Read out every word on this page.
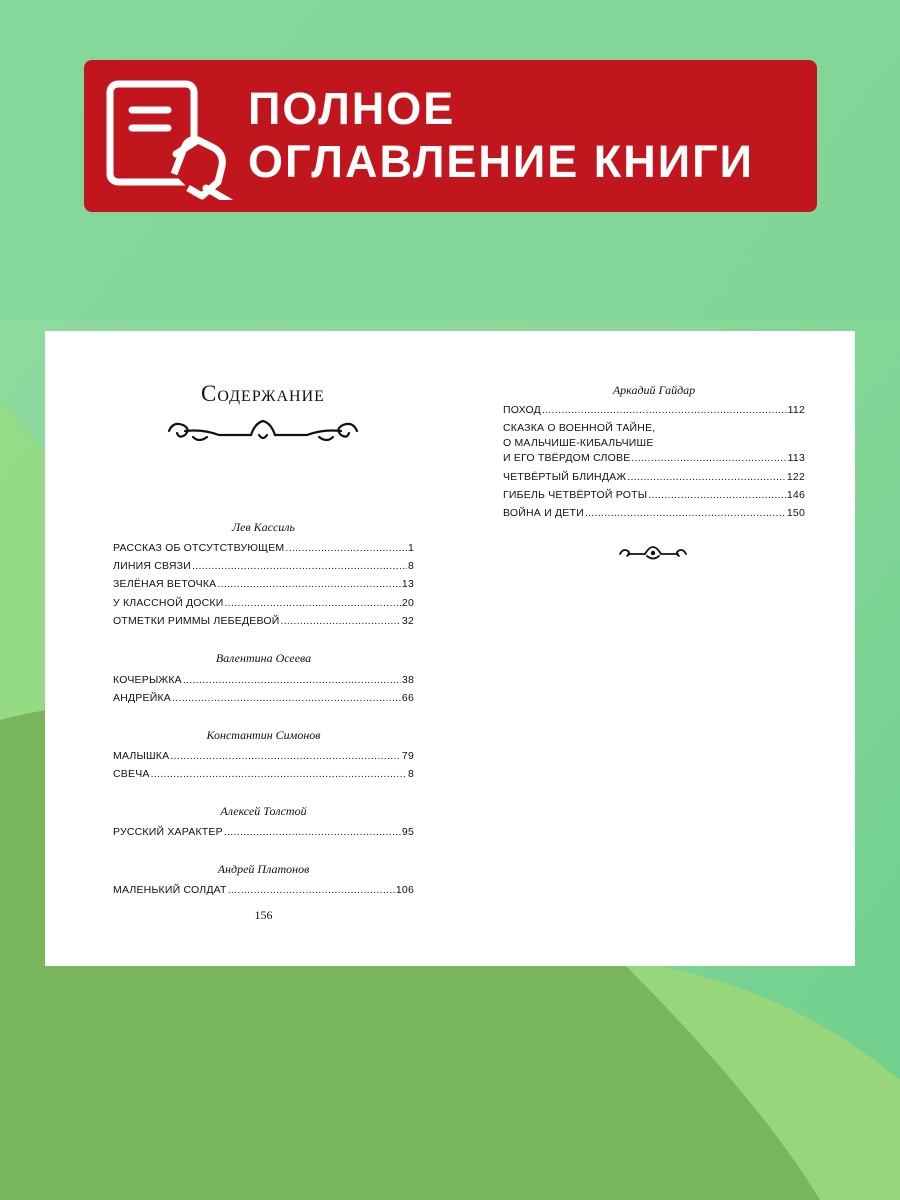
ПОЛНОЕ
ОГЛАВЛЕНИЕ КНИГИ
Содержание
Лев Кассиль
РАССКАЗ ОБ ОТСУТСТВУЮЩЕМ . . .	1
ЛИНИЯ СВЯЗИ . . .	8
ЗЕЛЁНАЯ ВЕТОЧКА . . .	13
У КЛАССНОЙ ДОСКИ . . .	20
ОТМЕТКИ РИММЫ ЛЕБЕДЕВОЙ . . .	32
Валентина Осеева
КОЧЕРЫЖКА . . .	38
АНДРЕЙКА . . .	66
Константин Симонов
МАЛЫШКА . . .	79
СВЕЧА . . .	8
Алексей Толстой
РУССКИЙ ХАРАКТЕР . . .	95
Андрей Платонов
МАЛЕНЬКИЙ СОЛДАТ . . .	106
156
Аркадий Гайдар
ПОХОД . . .	112
СКАЗКА О ВОЕННОЙ ТАЙНЕ,
О МАЛЬЧИШЕ-КИБАЛЬЧИШЕ
И ЕГО ТВЁРДОМ СЛОВЕ . . .	113
ЧЕТВЁРТЫЙ БЛИНДАЖ . . .	122
ГИБЕЛЬ ЧЕТВЁРТОЙ РОТЫ . . .	146
ВОЙНА И ДЕТИ . . .	150
